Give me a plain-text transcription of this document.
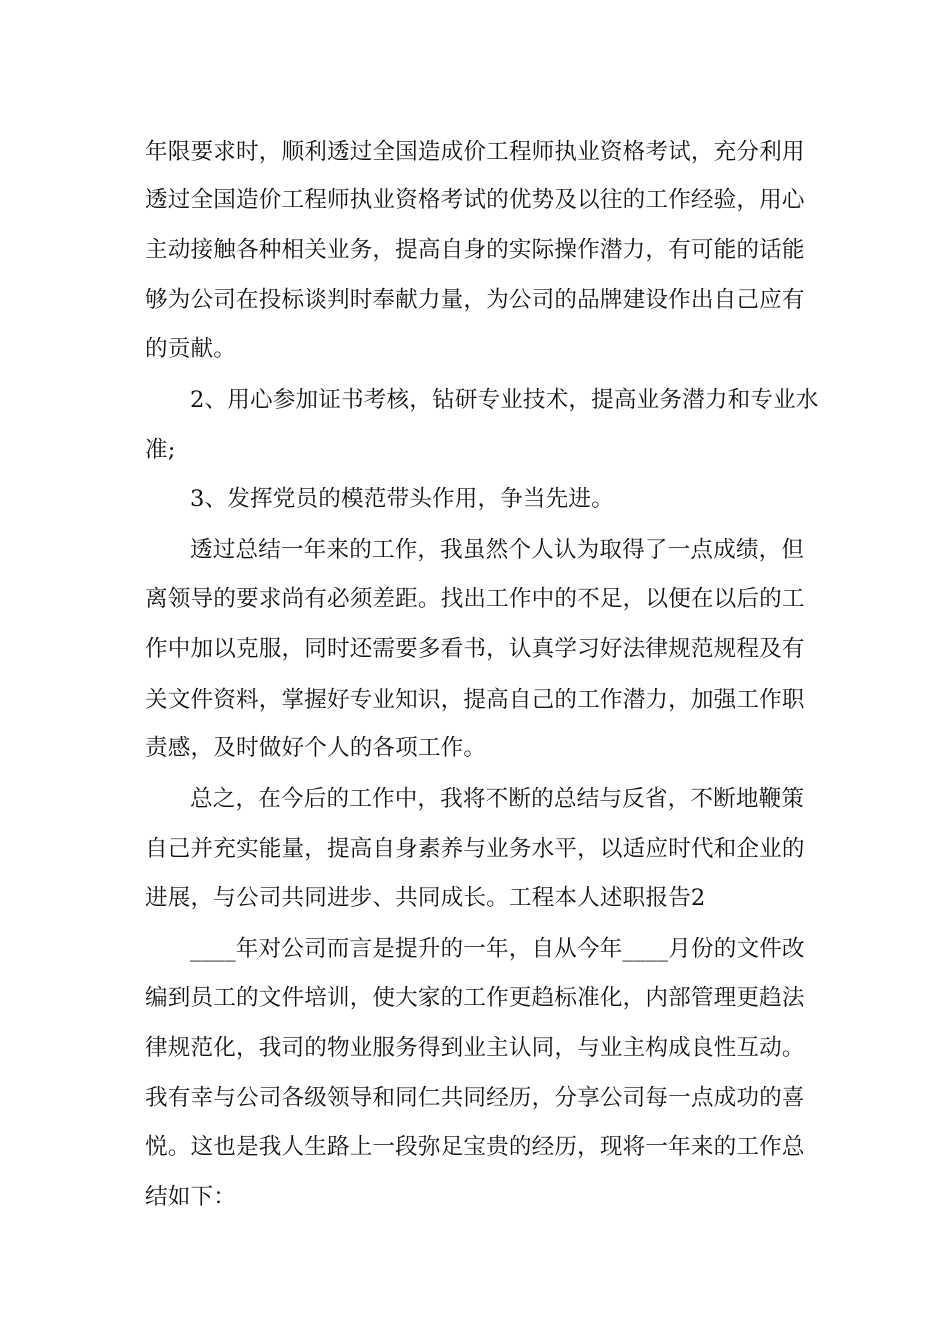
年限要求时，顺利透过全国造成价工程师执业资格考试，充分利用
透过全国造价工程师执业资格考试的优势及以往的工作经验，用心
主动接触各种相关业务，提高自身的实际操作潜力，有可能的话能
够为公司在投标谈判时奉献力量，为公司的品牌建设作出自己应有
的贡献。
2、用心参加证书考核，钻研专业技术，提高业务潜力和专业水
准;
3、发挥党员的模范带头作用，争当先进。
透过总结一年来的工作，我虽然个人认为取得了一点成绩，但
离领导的要求尚有必须差距。找出工作中的不足，以便在以后的工
作中加以克服，同时还需要多看书，认真学习好法律规范规程及有
关文件资料，掌握好专业知识，提高自己的工作潜力，加强工作职
责感，及时做好个人的各项工作。
总之，在今后的工作中，我将不断的总结与反省，不断地鞭策
自己并充实能量，提高自身素养与业务水平，以适应时代和企业的
进展，与公司共同进步、共同成长。工程本人述职报告2
____年对公司而言是提升的一年，自从今年____月份的文件改
编到员工的文件培训，使大家的工作更趋标准化，内部管理更趋法
律规范化，我司的物业服务得到业主认同，与业主构成良性互动。
我有幸与公司各级领导和同仁共同经历，分享公司每一点成功的喜
悦。这也是我人生路上一段弥足宝贵的经历，现将一年来的工作总
结如下：
